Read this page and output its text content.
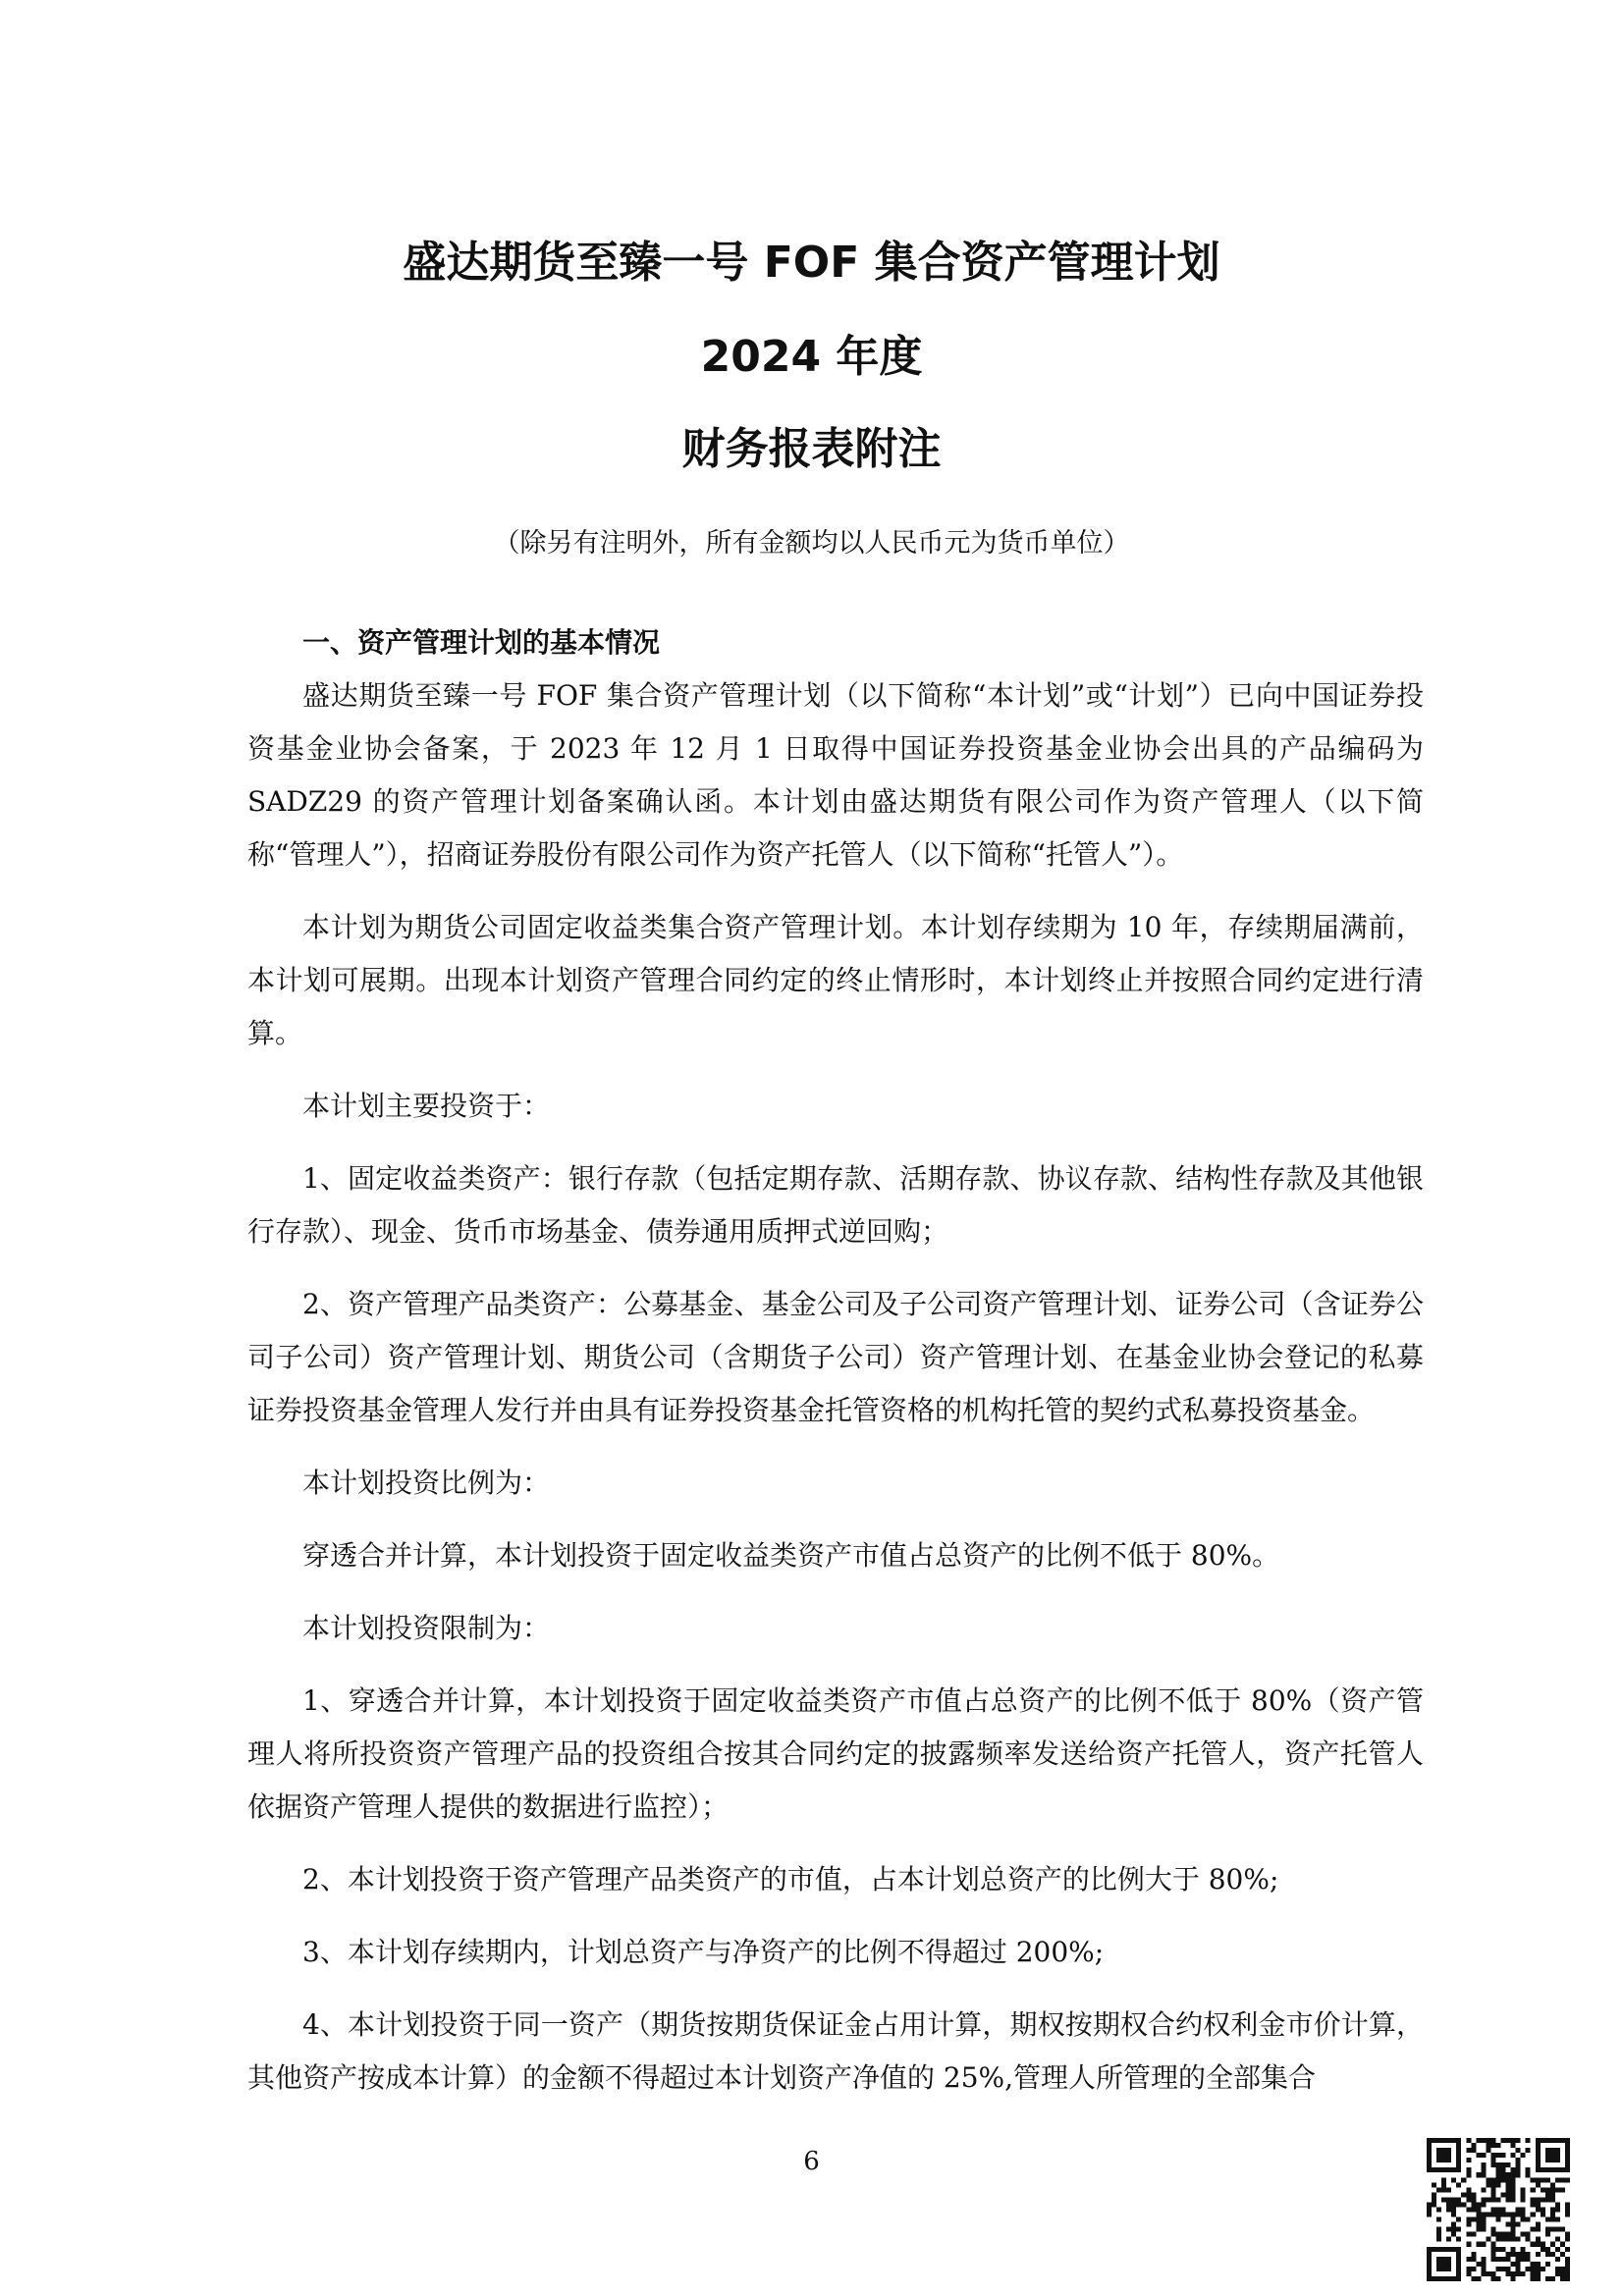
盛达期货至臻一号 FOF 集合资产管理计划
2024 年度
财务报表附注

（除另有注明外，所有金额均以人民币元为货币单位）

一、资产管理计划的基本情况

盛达期货至臻一号 FOF 集合资产管理计划（以下简称“本计划”或“计划”）已向中国证券投资基金业协会备案，于 2023 年 12 月 1 日取得中国证券投资基金业协会出具的产品编码为 SADZ29 的资产管理计划备案确认函。本计划由盛达期货有限公司作为资产管理人（以下简称“管理人”），招商证券股份有限公司作为资产托管人（以下简称“托管人”）。

本计划为期货公司固定收益类集合资产管理计划。本计划存续期为 10 年，存续期届满前，本计划可展期。出现本计划资产管理合同约定的终止情形时，本计划终止并按照合同约定进行清算。

本计划主要投资于：

1、固定收益类资产：银行存款（包括定期存款、活期存款、协议存款、结构性存款及其他银行存款）、现金、货币市场基金、债券通用质押式逆回购；

2、资产管理产品类资产：公募基金、基金公司及子公司资产管理计划、证券公司（含证券公司子公司）资产管理计划、期货公司（含期货子公司）资产管理计划、在基金业协会登记的私募证券投资基金管理人发行并由具有证券投资基金托管资格的机构托管的契约式私募投资基金。

本计划投资比例为：

穿透合并计算，本计划投资于固定收益类资产市值占总资产的比例不低于 80%。

本计划投资限制为：

1、穿透合并计算，本计划投资于固定收益类资产市值占总资产的比例不低于 80%（资产管理人将所投资资产管理产品的投资组合按其合同约定的披露频率发送给资产托管人，资产托管人依据资产管理人提供的数据进行监控）；

2、本计划投资于资产管理产品类资产的市值，占本计划总资产的比例大于 80%;

3、本计划存续期内，计划总资产与净资产的比例不得超过 200%;

4、本计划投资于同一资产（期货按期货保证金占用计算，期权按期权合约权利金市价计算，其他资产按成本计算）的金额不得超过本计划资产净值的 25%,管理人所管理的全部集合

6
